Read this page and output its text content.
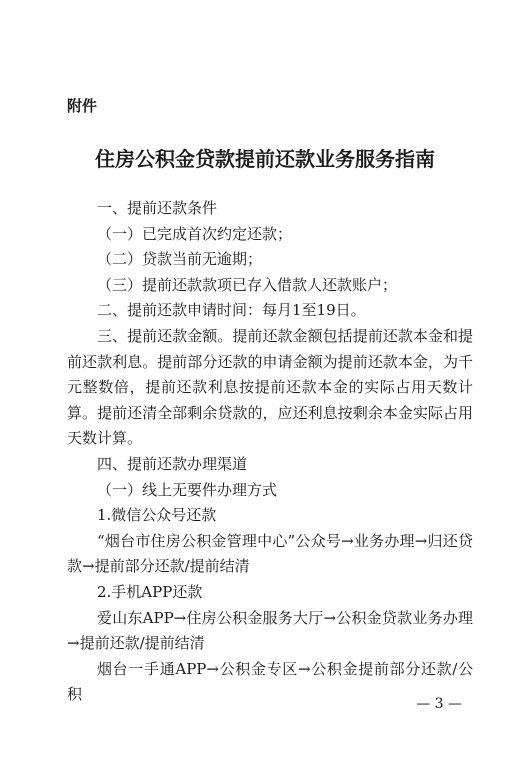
附件
住房公积金贷款提前还款业务服务指南

一、提前还款条件

（一）已完成首次约定还款；

（二）贷款当前无逾期；

（三）提前还款款项已存入借款人还款账户；

二、提前还款申请时间：每月1至19日。

三、提前还款金额。提前还款金额包括提前还款本金和提前还款利息。提前部分还款的申请金额为提前还款本金，为千元整数倍，提前还款利息按提前还款本金的实际占用天数计算。提前还清全部剩余贷款的，应还利息按剩余本金实际占用天数计算。

四、提前还款办理渠道

（一）线上无要件办理方式

1.微信公众号还款

“烟台市住房公积金管理中心”公众号→业务办理→归还贷款→提前部分还款/提前结清

2.手机APP还款

爱山东APP→住房公积金服务大厅→公积金贷款业务办理→提前还款/提前结清

烟台一手通APP→公积金专区→公积金提前部分还款/公积

— 3 —
